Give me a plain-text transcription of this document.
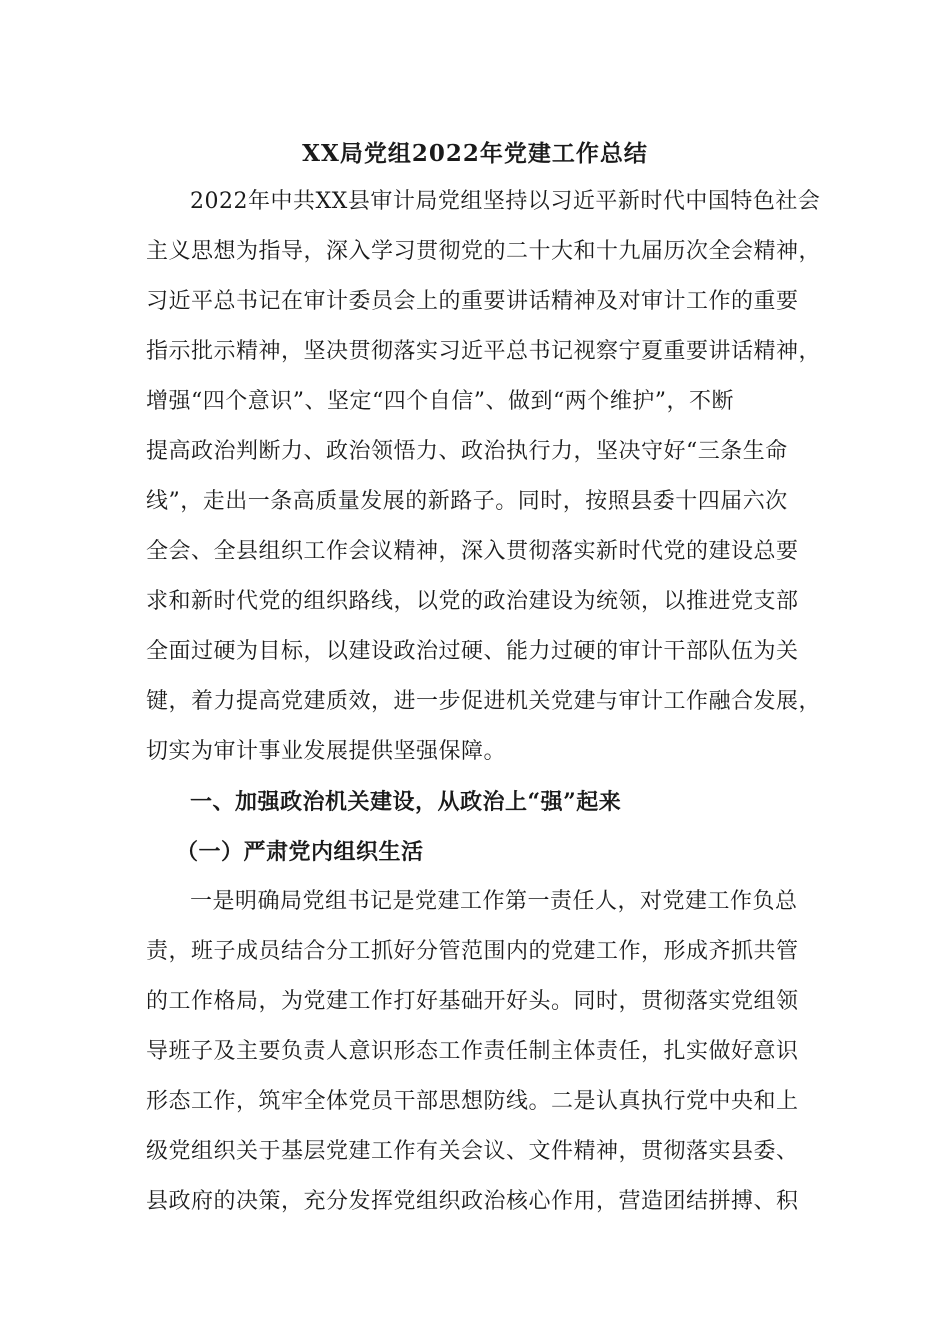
XX局党组2022年党建工作总结
2022年中共XX县审计局党组坚持以习近平新时代中国特色社会
主义思想为指导，深入学习贯彻党的二十大和十九届历次全会精神，
习近平总书记在审计委员会上的重要讲话精神及对审计工作的重要
指示批示精神，坚决贯彻落实习近平总书记视察宁夏重要讲话精神，
增强“四个意识”、坚定“四个自信”、做到“两个维护”，不断
提高政治判断力、政治领悟力、政治执行力，坚决守好“三条生命
线”，走出一条高质量发展的新路子。同时，按照县委十四届六次
全会、全县组织工作会议精神，深入贯彻落实新时代党的建设总要
求和新时代党的组织路线，以党的政治建设为统领，以推进党支部
全面过硬为目标，以建设政治过硬、能力过硬的审计干部队伍为关
键，着力提高党建质效，进一步促进机关党建与审计工作融合发展，
切实为审计事业发展提供坚强保障。
一、加强政治机关建设，从政治上“强”起来
（一）严肃党内组织生活
一是明确局党组书记是党建工作第一责任人，对党建工作负总
责，班子成员结合分工抓好分管范围内的党建工作，形成齐抓共管
的工作格局，为党建工作打好基础开好头。同时，贯彻落实党组领
导班子及主要负责人意识形态工作责任制主体责任，扎实做好意识
形态工作，筑牢全体党员干部思想防线。二是认真执行党中央和上
级党组织关于基层党建工作有关会议、文件精神，贯彻落实县委、
县政府的决策，充分发挥党组织政治核心作用，营造团结拼搏、积
